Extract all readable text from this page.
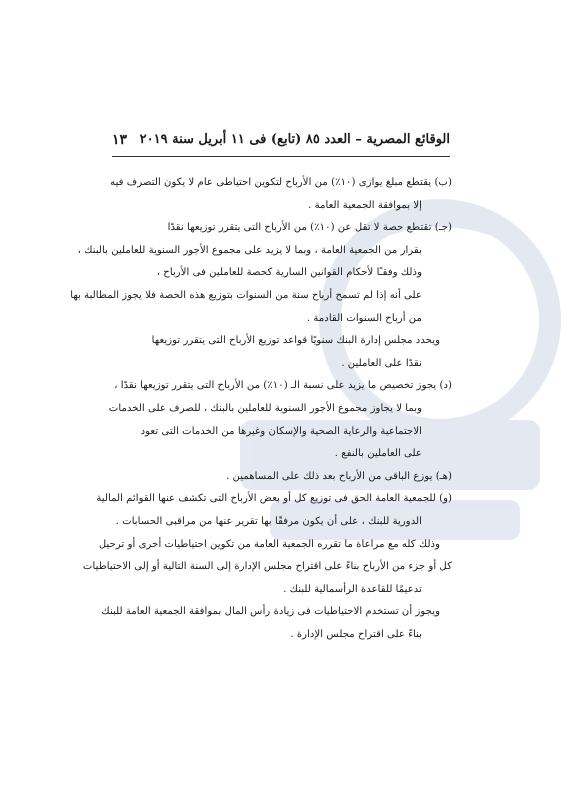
الوقائع المصرية – العدد ٨٥ (تابع) فى ١١ أبريل سنة ٢٠١٩
١٣
(ب) يقتطع مبلغ يوازى (١٠٪) من الأرباح لتكوين احتياطى عام لا يكون التصرف فيه
إلا بموافقة الجمعية العامة .
(جـ) تقتطع حصة لا تقل عن (١٠٪) من الأرباح التى يتقرر توزيعها نقدًا
بقرار من الجمعية العامة ، وبما لا يزيد على مجموع الأجور السنوية للعاملين بالبنك ،
وذلك وفقـًا لأحكام القوانين السارية كحصة للعاملين فى الأرباح ،
على أنه إذا لم تسمح أرباح سنة من السنوات بتوزيع هذه الحصة فلا يجوز المطالبة بها
من أرباح السنوات القادمة .
ويحدد مجلس إدارة البنك سنويًا قواعد توزيع الأرباح التى يتقرر توزيعها
نقدًا على العاملين .
(د) يجوز تخصيص ما يزيد على نسبة الـ (١٠٪) من الأرباح التى يتقرر توزيعها نقدًا ،
وبما لا يجاوز مجموع الأجور السنوية للعاملين بالبنك ، للصرف على الخدمات
الاجتماعية والرعاية الصحية والإسكان وغيرها من الخدمات التى تعود
على العاملين بالنفع .
(هـ) يوزع الباقى من الأرباح بعد ذلك على المساهمين .
(و) للجمعية العامة الحق فى توزيع كل أو بعض الأرباح التى تكشف عنها القوائم المالية
الدورية للبنك ، على أن يكون مرفقًا بها تقرير عنها من مراقبى الحسابات .
وذلك كله مع مراعاة ما تقرره الجمعية العامة من تكوين احتياطيات أخرى أو ترحيل
كل أو جزء من الأرباح بناءً على اقتراح مجلس الإدارة إلى السنة التالية أو إلى الاحتياطيات
تدعيمًا للقاعدة الرأسمالية للبنك .
ويجوز أن تستخدم الاحتياطيات فى زيادة رأس المال بموافقة الجمعية العامة للبنك
بناءً على اقتراح مجلس الإدارة .
